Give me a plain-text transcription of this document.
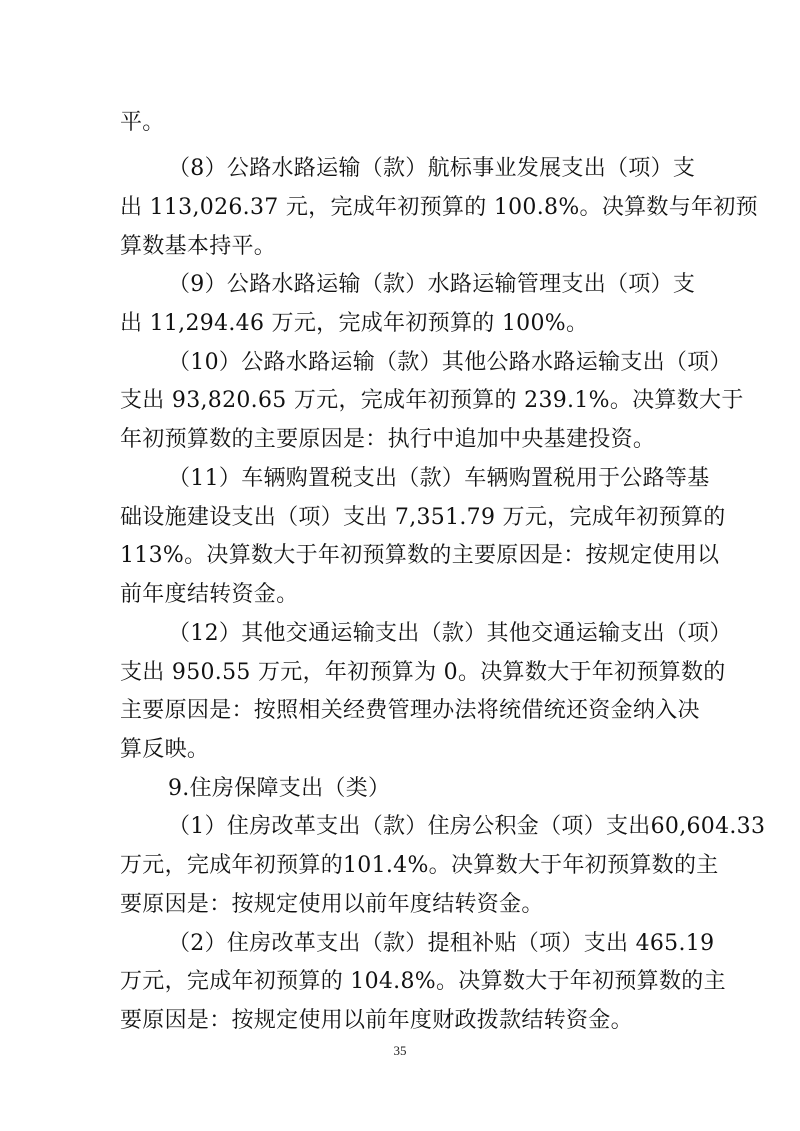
平。
（8）公路水路运输（款）航标事业发展支出（项）支
出 113,026.37 元，完成年初预算的 100.8%。决算数与年初预
算数基本持平。
（9）公路水路运输（款）水路运输管理支出（项）支
出 11,294.46 万元，完成年初预算的 100%。
（10）公路水路运输（款）其他公路水路运输支出（项）
支出 93,820.65 万元，完成年初预算的 239.1%。决算数大于
年初预算数的主要原因是：执行中追加中央基建投资。
（11）车辆购置税支出（款）车辆购置税用于公路等基
础设施建设支出（项）支出 7,351.79 万元，完成年初预算的
113%。决算数大于年初预算数的主要原因是：按规定使用以
前年度结转资金。
（12）其他交通运输支出（款）其他交通运输支出（项）
支出 950.55 万元，年初预算为 0。决算数大于年初预算数的
主要原因是：按照相关经费管理办法将统借统还资金纳入决
算反映。
9.住房保障支出（类）
（1）住房改革支出（款）住房公积金（项）支出60,604.33
万元，完成年初预算的101.4%。决算数大于年初预算数的主
要原因是：按规定使用以前年度结转资金。
（2）住房改革支出（款）提租补贴（项）支出 465.19
万元，完成年初预算的 104.8%。决算数大于年初预算数的主
要原因是：按规定使用以前年度财政拨款结转资金。
35
